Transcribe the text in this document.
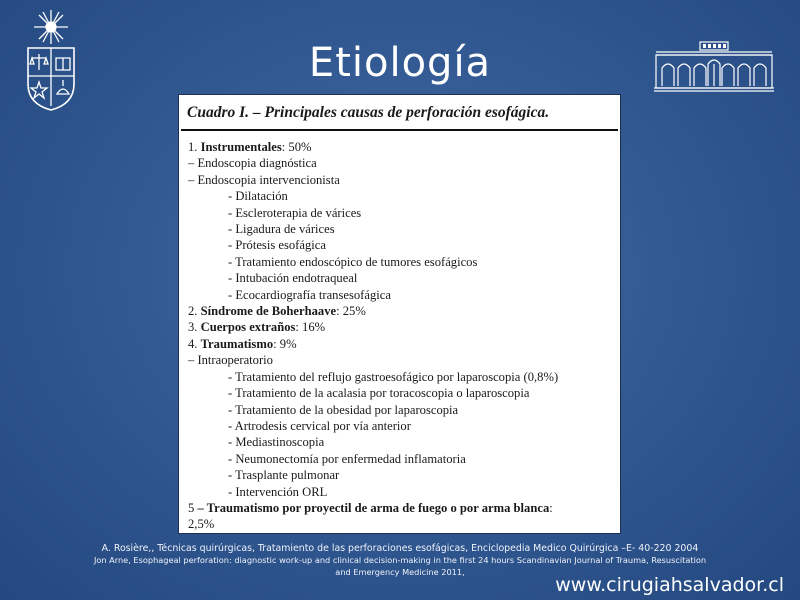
Etiología
Cuadro I. – Principales causas de perforación esofágica.
1. Instrumentales: 50%
– Endoscopia diagnóstica
– Endoscopia intervencionista
- Dilatación
- Escleroterapia de várices
- Ligadura de várices
- Prótesis esofágica
- Tratamiento endoscópico de tumores esofágicos
- Intubación endotraqueal
- Ecocardiografía transesofágica
2. Síndrome de Boherhaave: 25%
3. Cuerpos extraños: 16%
4. Traumatismo: 9%
– Intraoperatorio
- Tratamiento del reflujo gastroesofágico por laparoscopia (0,8%)
- Tratamiento de la acalasia por toracoscopia o laparoscopia
- Tratamiento de la obesidad por laparoscopia
- Artrodesis cervical por vía anterior
- Mediastinoscopia
- Neumonectomía por enfermedad inflamatoria
- Trasplante pulmonar
- Intervención ORL
5 – Traumatismo por proyectil de arma de fuego o por arma blanca:
2,5%
A. Rosière,, Técnicas quirúrgicas, Tratamiento de las perforaciones esofágicas, Enciclopedia Medico Quirúrgica –E- 40-220 2004
Jon Arne, Esophageal perforation: diagnostic work-up and clinical decision-making in the first 24 hours Scandinavian Journal of Trauma, Resuscitation
and Emergency Medicine 2011,
www.cirugiahsalvador.cl
